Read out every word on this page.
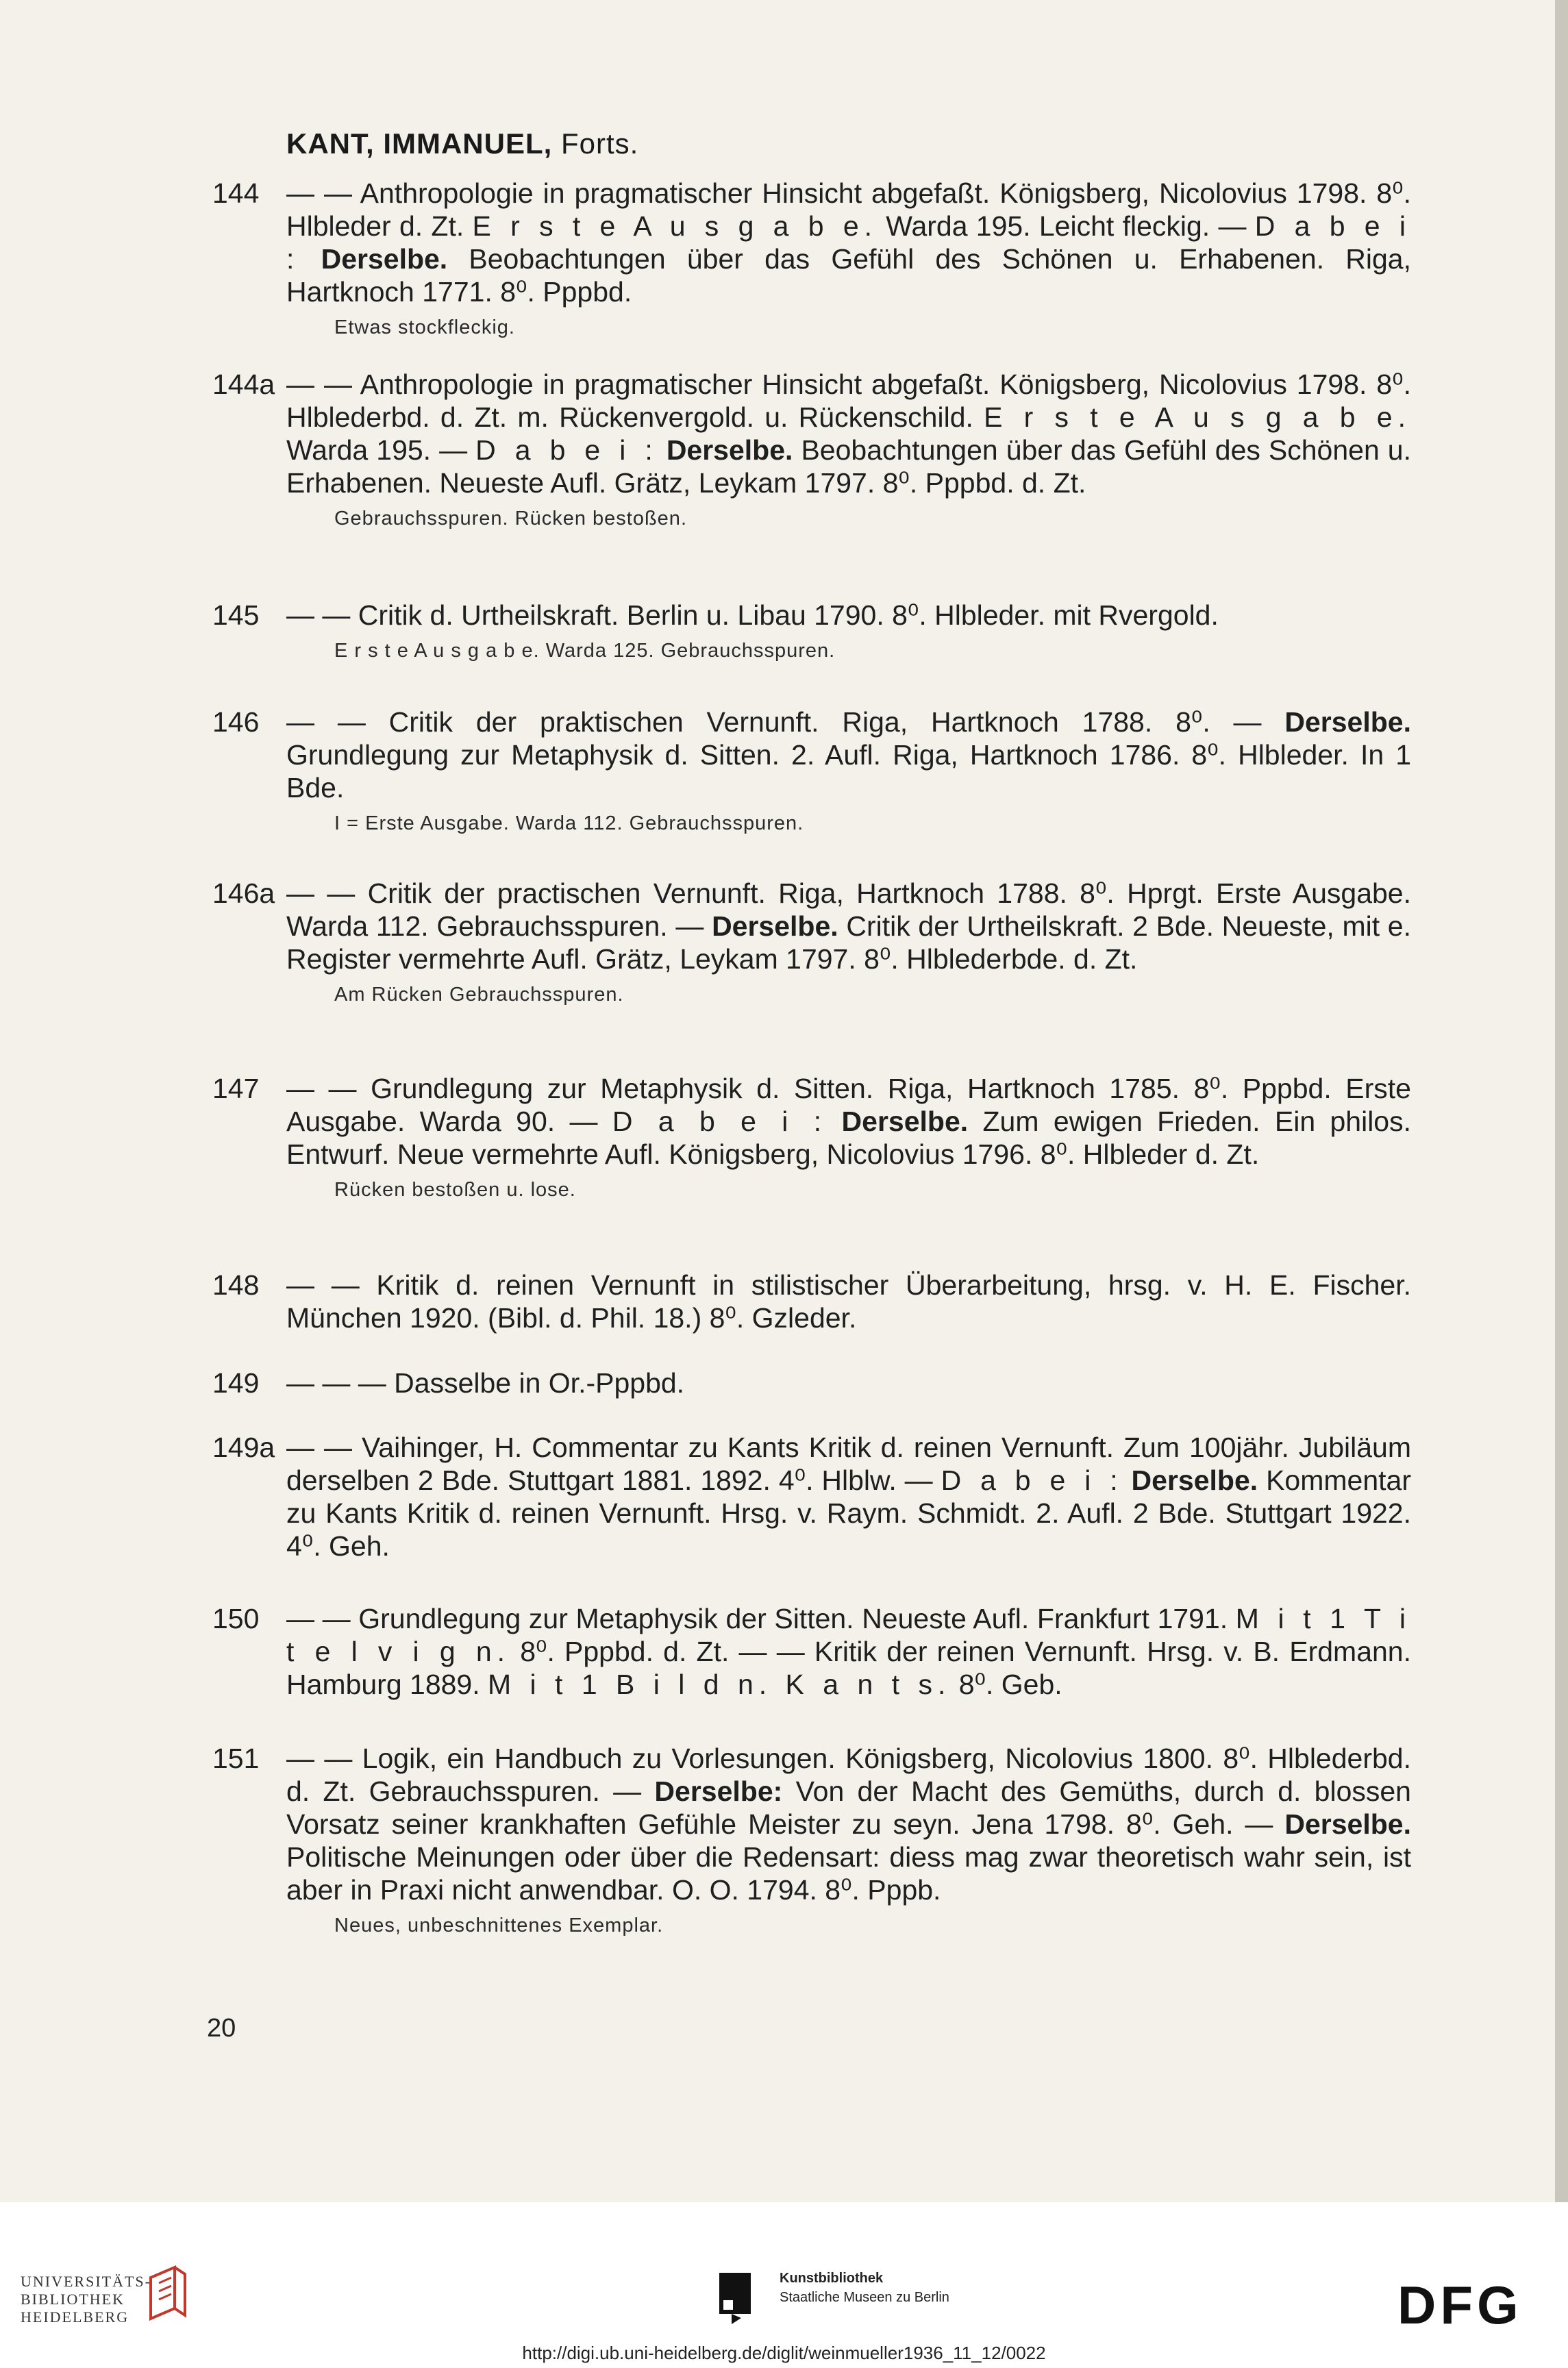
KANT, IMMANUEL, Forts.
144 — — Anthropologie in pragmatischer Hinsicht abgefaßt. Königsberg, Nicolovius 1798. 8⁰. Hlbleder d. Zt. E r s t e A u s g a b e. Warda 195. Leicht fleckig. — D a b e i : Derselbe. Beobachtungen über das Gefühl des Schönen u. Erhabenen. Riga, Hartknoch 1771. 8⁰. Pppbd.
Etwas stockfleckig.
144a — — Anthropologie in pragmatischer Hinsicht abgefaßt. Königsberg, Nicolovius 1798. 8⁰. Hlblederbd. d. Zt. m. Rückenvergold. u. Rückenschild. E r s t e A u s g a b e. Warda 195. — D a b e i : Derselbe. Beobachtungen über das Gefühl des Schönen u. Erhabenen. Neueste Aufl. Grätz, Leykam 1797. 8⁰. Pppbd. d. Zt.
Gebrauchsspuren. Rücken bestoßen.
145 — — Critik d. Urtheilskraft. Berlin u. Libau 1790. 8⁰. Hlbleder. mit Rvergold.
E r s t e A u s g a b e. Warda 125. Gebrauchsspuren.
146 — — Critik der praktischen Vernunft. Riga, Hartknoch 1788. 8⁰. — Derselbe. Grundlegung zur Metaphysik d. Sitten. 2. Aufl. Riga, Hartknoch 1786. 8⁰. Hlbleder. In 1 Bde.
I = Erste Ausgabe. Warda 112. Gebrauchsspuren.
146a — — Critik der practischen Vernunft. Riga, Hartknoch 1788. 8⁰. Hprgt. Erste Ausgabe. Warda 112. Gebrauchsspuren. — Derselbe. Critik der Urtheilskraft. 2 Bde. Neueste, mit e. Register vermehrte Aufl. Grätz, Leykam 1797. 8⁰. Hlblederbde. d. Zt.
Am Rücken Gebrauchsspuren.
147 — — Grundlegung zur Metaphysik d. Sitten. Riga, Hartknoch 1785. 8⁰. Pppbd. Erste Ausgabe. Warda 90. — D a b e i : Derselbe. Zum ewigen Frieden. Ein philos. Entwurf. Neue vermehrte Aufl. Königsberg, Nicolovius 1796. 8⁰. Hlbleder d. Zt.
Rücken bestoßen u. lose.
148 — — Kritik d. reinen Vernunft in stilistischer Überarbeitung, hrsg. v. H. E. Fischer. München 1920. (Bibl. d. Phil. 18.) 8⁰. Gzleder.
149 — — — Dasselbe in Or.-Pppbd.
149a — — Vaihinger, H. Commentar zu Kants Kritik d. reinen Vernunft. Zum 100jähr. Jubiläum derselben 2 Bde. Stuttgart 1881. 1892. 4⁰. Hlblw. — D a b e i : Derselbe. Kommentar zu Kants Kritik d. reinen Vernunft. Hrsg. v. Raym. Schmidt. 2. Aufl. 2 Bde. Stuttgart 1922. 4⁰. Geh.
150 — — Grundlegung zur Metaphysik der Sitten. Neueste Aufl. Frankfurt 1791. M i t 1 T i t e l v i g n. 8⁰. Pppbd. d. Zt. — — Kritik der reinen Vernunft. Hrsg. v. B. Erdmann. Hamburg 1889. M i t 1 B i l d n. K a n t s. 8⁰. Geb.
151 — — Logik, ein Handbuch zu Vorlesungen. Königsberg, Nicolovius 1800. 8⁰. Hlblederbd. d. Zt. Gebrauchsspuren. — Derselbe: Von der Macht des Gemüths, durch d. blossen Vorsatz seiner krankhaften Gefühle Meister zu seyn. Jena 1798. 8⁰. Geh. — Derselbe. Politische Meinungen oder über die Redensart: diess mag zwar theoretisch wahr sein, ist aber in Praxi nicht anwendbar. O. O. 1794. 8⁰. Pppb.
Neues, unbeschnittenes Exemplar.
20
UNIVERSITÄTS-
BIBLIOTHEK
HEIDELBERG
Kunstbibliothek
Staatliche Museen zu Berlin	DFG
http://digi.ub.uni-heidelberg.de/diglit/weinmueller1936_11_12/0022
